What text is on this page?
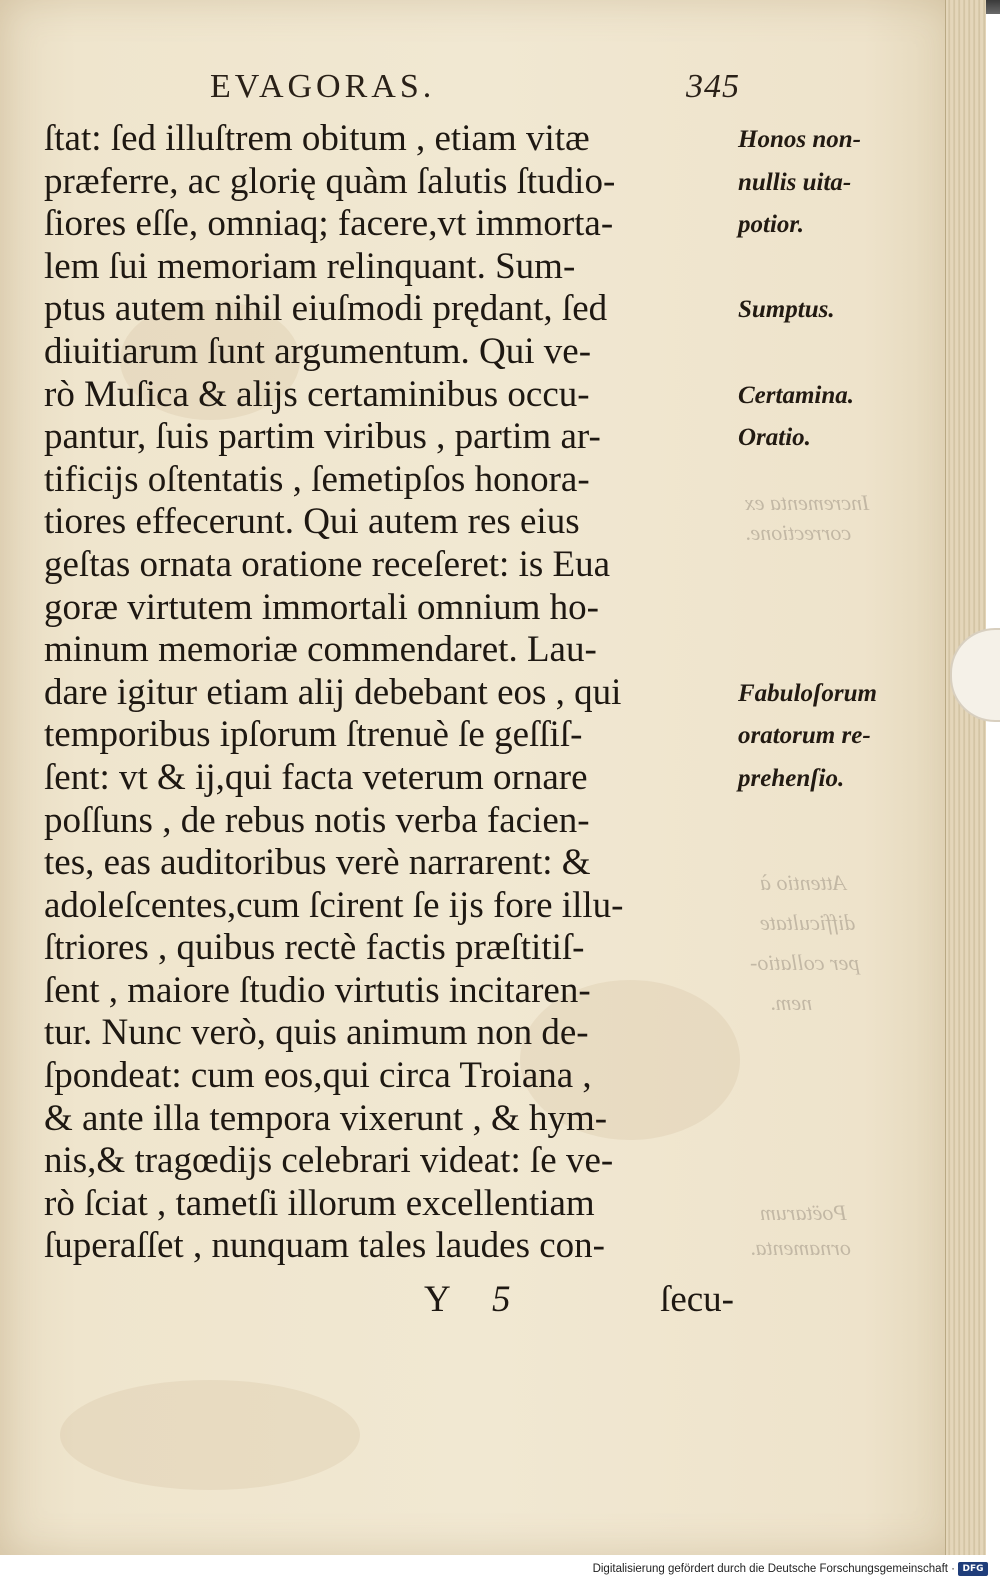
EVAGORAS.	345
ſtat: ſed illuſtrem obitum , etiam vitæ
præferre, ac glorię quàm ſalutis ſtudio-
ſiores eſſe, omniaq; facere,vt immorta-
lem ſui memoriam relinquant. Sum-
ptus autem nihil eiuſmodi prędant, ſed
diuitiarum ſunt argumentum. Qui ve-
rò Muſica & alijs certaminibus occu-
pantur, ſuis partim viribus , partim ar-
tificijs oſtentatis , ſemetipſos honora-
tiores effecerunt. Qui autem res eius
geſtas ornata oratione receſeret: is Eua
goræ virtutem immortali omnium ho-
minum memoriæ commendaret. Lau-
dare igitur etiam alij debebant eos , qui
temporibus ipſorum ſtrenuè ſe geſſiſ-
ſent: vt & ij,qui facta veterum ornare
poſſuns , de rebus notis verba facien-
tes, eas auditoribus verè narrarent: &
adoleſcentes,cum ſcirent ſe ijs fore illu-
ſtriores , quibus rectè factis præſtitiſ-
ſent , maiore ſtudio virtutis incitaren-
tur. Nunc verò, quis animum non de-
ſpondeat: cum eos,qui circa Troiana ,
& ante illa tempora vixerunt , & hym-
nis,& tragœdijs celebrari videat: ſe ve-
rò ſciat , tametſi illorum excellentiam
ſuperaſſet , nunquam tales laudes con-
Honos non-
nullis uita-
potior.
Sumptus.
Certamina.
Oratio.
Fabuloſorum
oratorum re-
prehenſio.
Incrementa ex
correctione.
Attentio à
difficultate
per collatio-
nem.
Poëtarum
ornamenta.
Y 5	ſecu-
Digitalisierung gefördert durch die Deutsche Forschungsgemeinschaft · DFG
